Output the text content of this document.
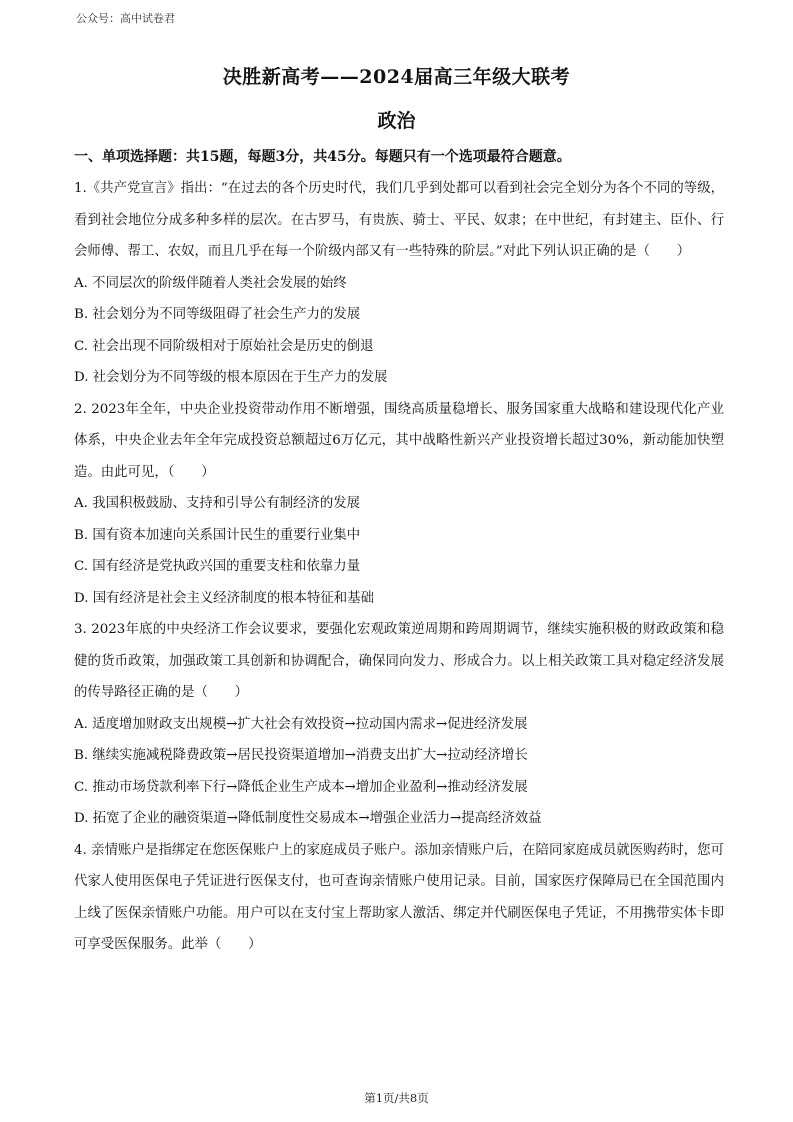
公众号：高中试卷君
决胜新高考——2024届高三年级大联考
政治
一、单项选择题：共15题，每题3分，共45分。每题只有一个选项最符合题意。
1.《共产党宣言》指出：“在过去的各个历史时代，我们几乎到处都可以看到社会完全划分为各个不同的等级，看到社会地位分成多种多样的层次。在古罗马，有贵族、骑士、平民、奴隶；在中世纪，有封建主、臣仆、行会师傅、帮工、农奴，而且几乎在每一个阶级内部又有一些特殊的阶层。”对此下列认识正确的是（　　）
A. 不同层次的阶级伴随着人类社会发展的始终
B. 社会划分为不同等级阻碍了社会生产力的发展
C. 社会出现不同阶级相对于原始社会是历史的倒退
D. 社会划分为不同等级的根本原因在于生产力的发展
2. 2023年全年，中央企业投资带动作用不断增强，围绕高质量稳增长、服务国家重大战略和建设现代化产业体系，中央企业去年全年完成投资总额超过6万亿元，其中战略性新兴产业投资增长超过30%，新动能加快塑造。由此可见，（　　）
A. 我国积极鼓励、支持和引导公有制经济的发展
B. 国有资本加速向关系国计民生的重要行业集中
C. 国有经济是党执政兴国的重要支柱和依靠力量
D. 国有经济是社会主义经济制度的根本特征和基础
3. 2023年底的中央经济工作会议要求，要强化宏观政策逆周期和跨周期调节，继续实施积极的财政政策和稳健的货币政策，加强政策工具创新和协调配合，确保同向发力、形成合力。以上相关政策工具对稳定经济发展的传导路径正确的是（　　）
A. 适度增加财政支出规模→扩大社会有效投资→拉动国内需求→促进经济发展
B. 继续实施减税降费政策→居民投资渠道增加→消费支出扩大→拉动经济增长
C. 推动市场贷款利率下行→降低企业生产成本→增加企业盈利→推动经济发展
D. 拓宽了企业的融资渠道→降低制度性交易成本→增强企业活力→提高经济效益
4. 亲情账户是指绑定在您医保账户上的家庭成员子账户。添加亲情账户后，在陪同家庭成员就医购药时，您可代家人使用医保电子凭证进行医保支付，也可查询亲情账户使用记录。目前，国家医疗保障局已在全国范围内上线了医保亲情账户功能。用户可以在支付宝上帮助家人激活、绑定并代刷医保电子凭证，不用携带实体卡即可享受医保服务。此举（　　）
第1页/共8页
